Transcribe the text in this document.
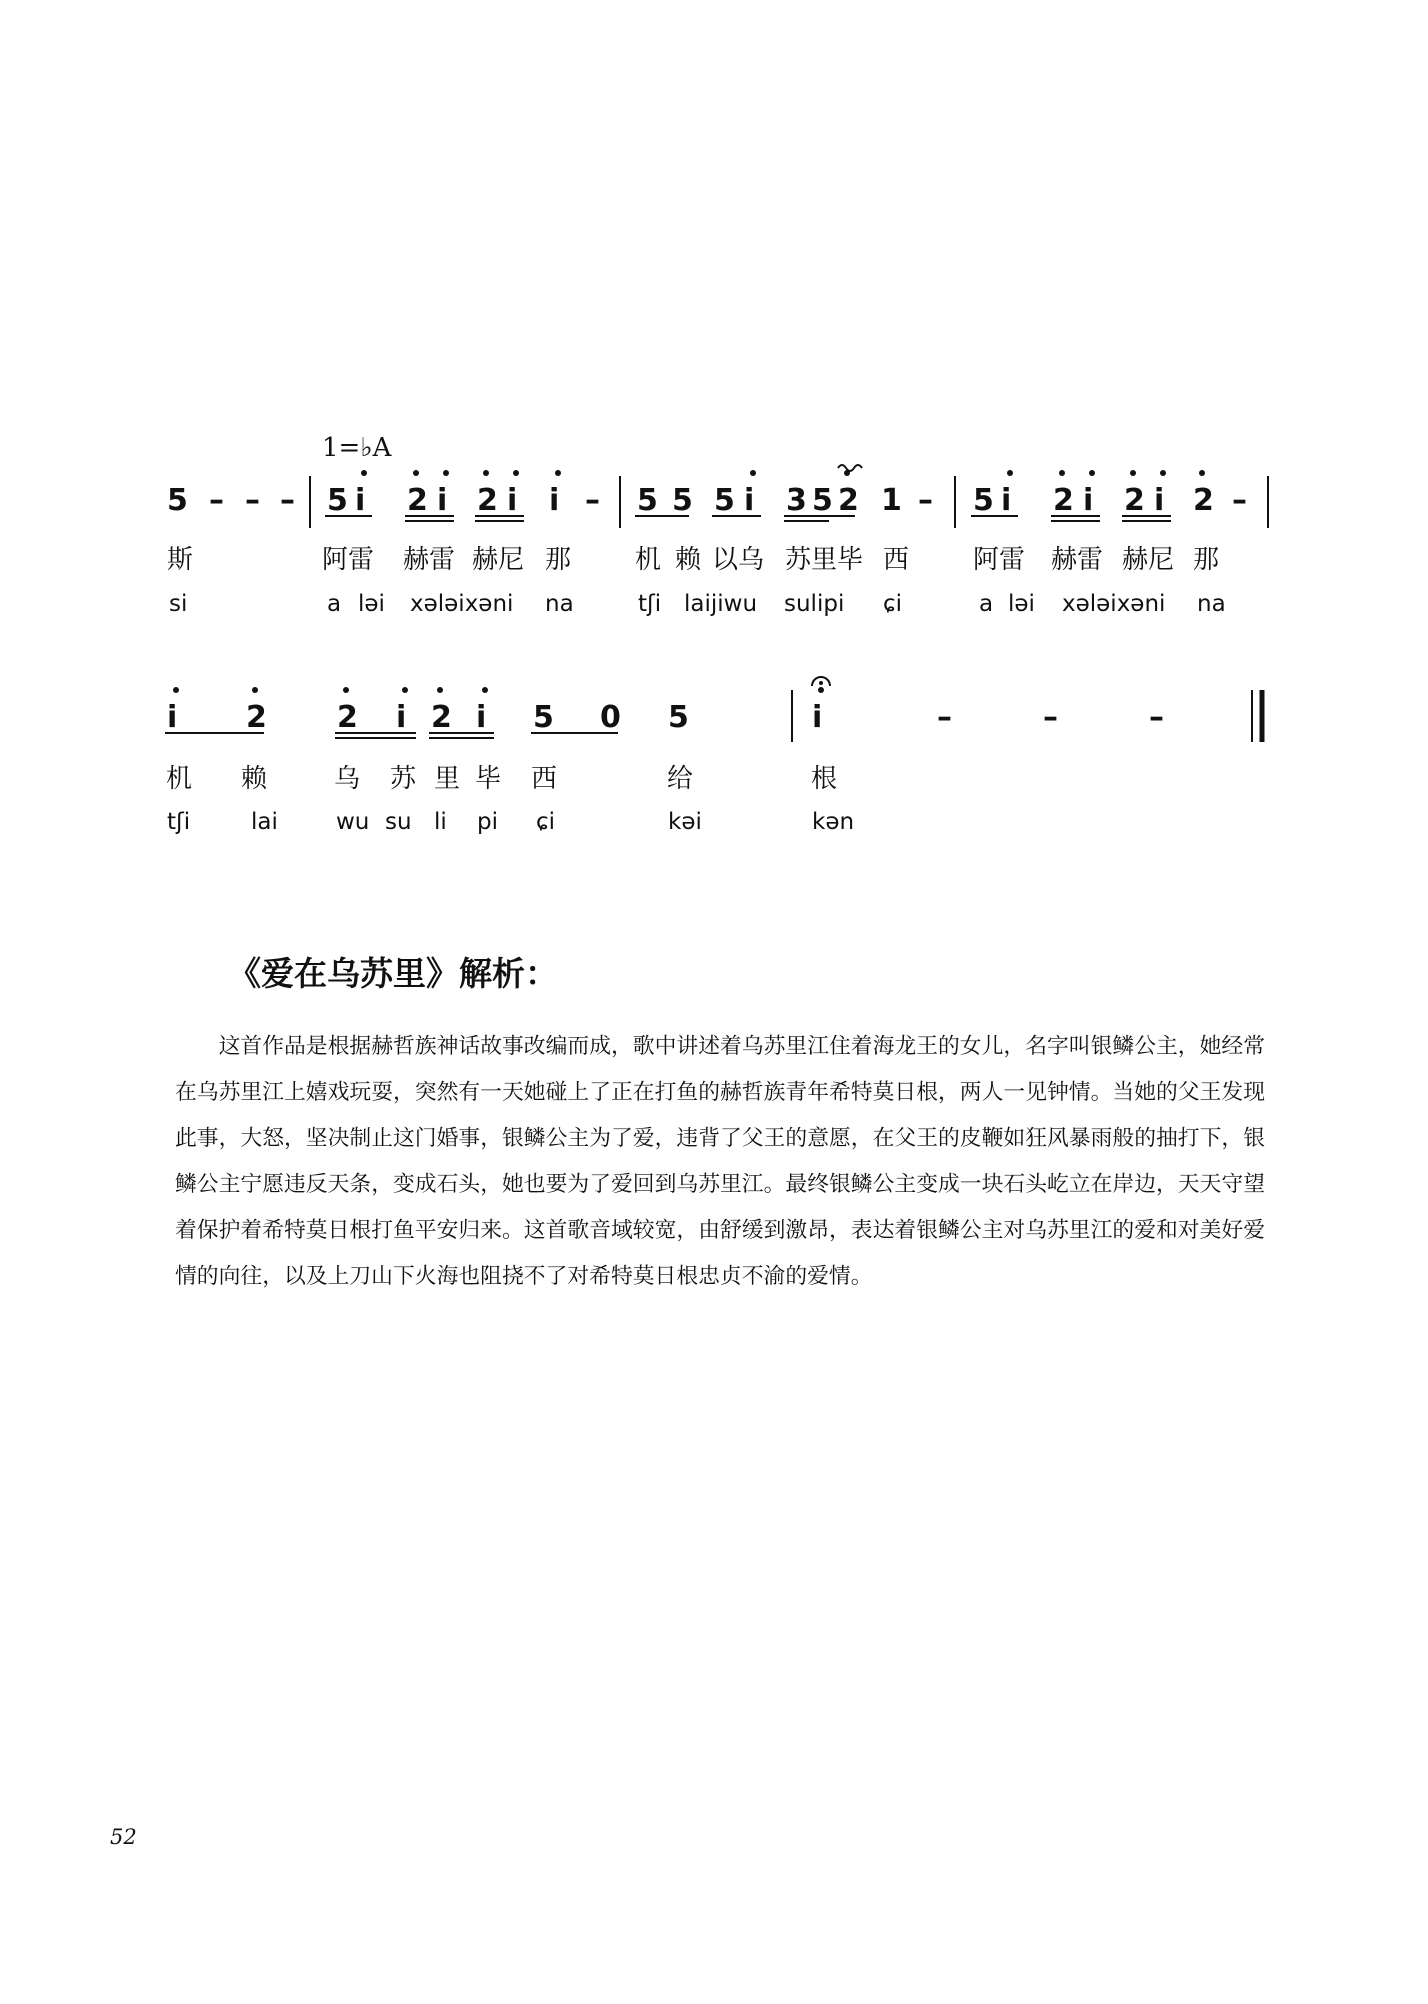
1=♭A
5 – – – 5 i 2 i 2 i i – 5 5 5 i 3 5 2 1 – 5 i 2 i 2 i 2 –
斯	阿雷 赫雷 赫尼 那 机 赖 以乌 苏里毕 西 阿雷 赫雷 赫尼 那
si	a ləi xələixəni na	tʃi laijiwu sulipi ɕi	a ləi xələixəni na
i 2 2 i 2 i 5 0 5	i	–	–	–
机 赖	乌 苏 里 毕 西	给	根
tʃi	lai	wu su li pi ɕi	kəi	kən
《爱在乌苏里》解析：
这首作品是根据赫哲族神话故事改编而成，歌中讲述着乌苏里江住着海龙王的女儿，名字叫银鳞公主，她经常在乌苏里江上嬉戏玩耍，突然有一天她碰上了正在打鱼的赫哲族青年希特莫日根，两人一见钟情。当她的父王发现此事，大怒，坚决制止这门婚事，银鳞公主为了爱，违背了父王的意愿，在父王的皮鞭如狂风暴雨般的抽打下，银鳞公主宁愿违反天条，变成石头，她也要为了爱回到乌苏里江。最终银鳞公主变成一块石头屹立在岸边，天天守望着保护着希特莫日根打鱼平安归来。这首歌音域较宽，由舒缓到激昂，表达着银鳞公主对乌苏里江的爱和对美好爱情的向往，以及上刀山下火海也阻挠不了对希特莫日根忠贞不渝的爱情。
52
